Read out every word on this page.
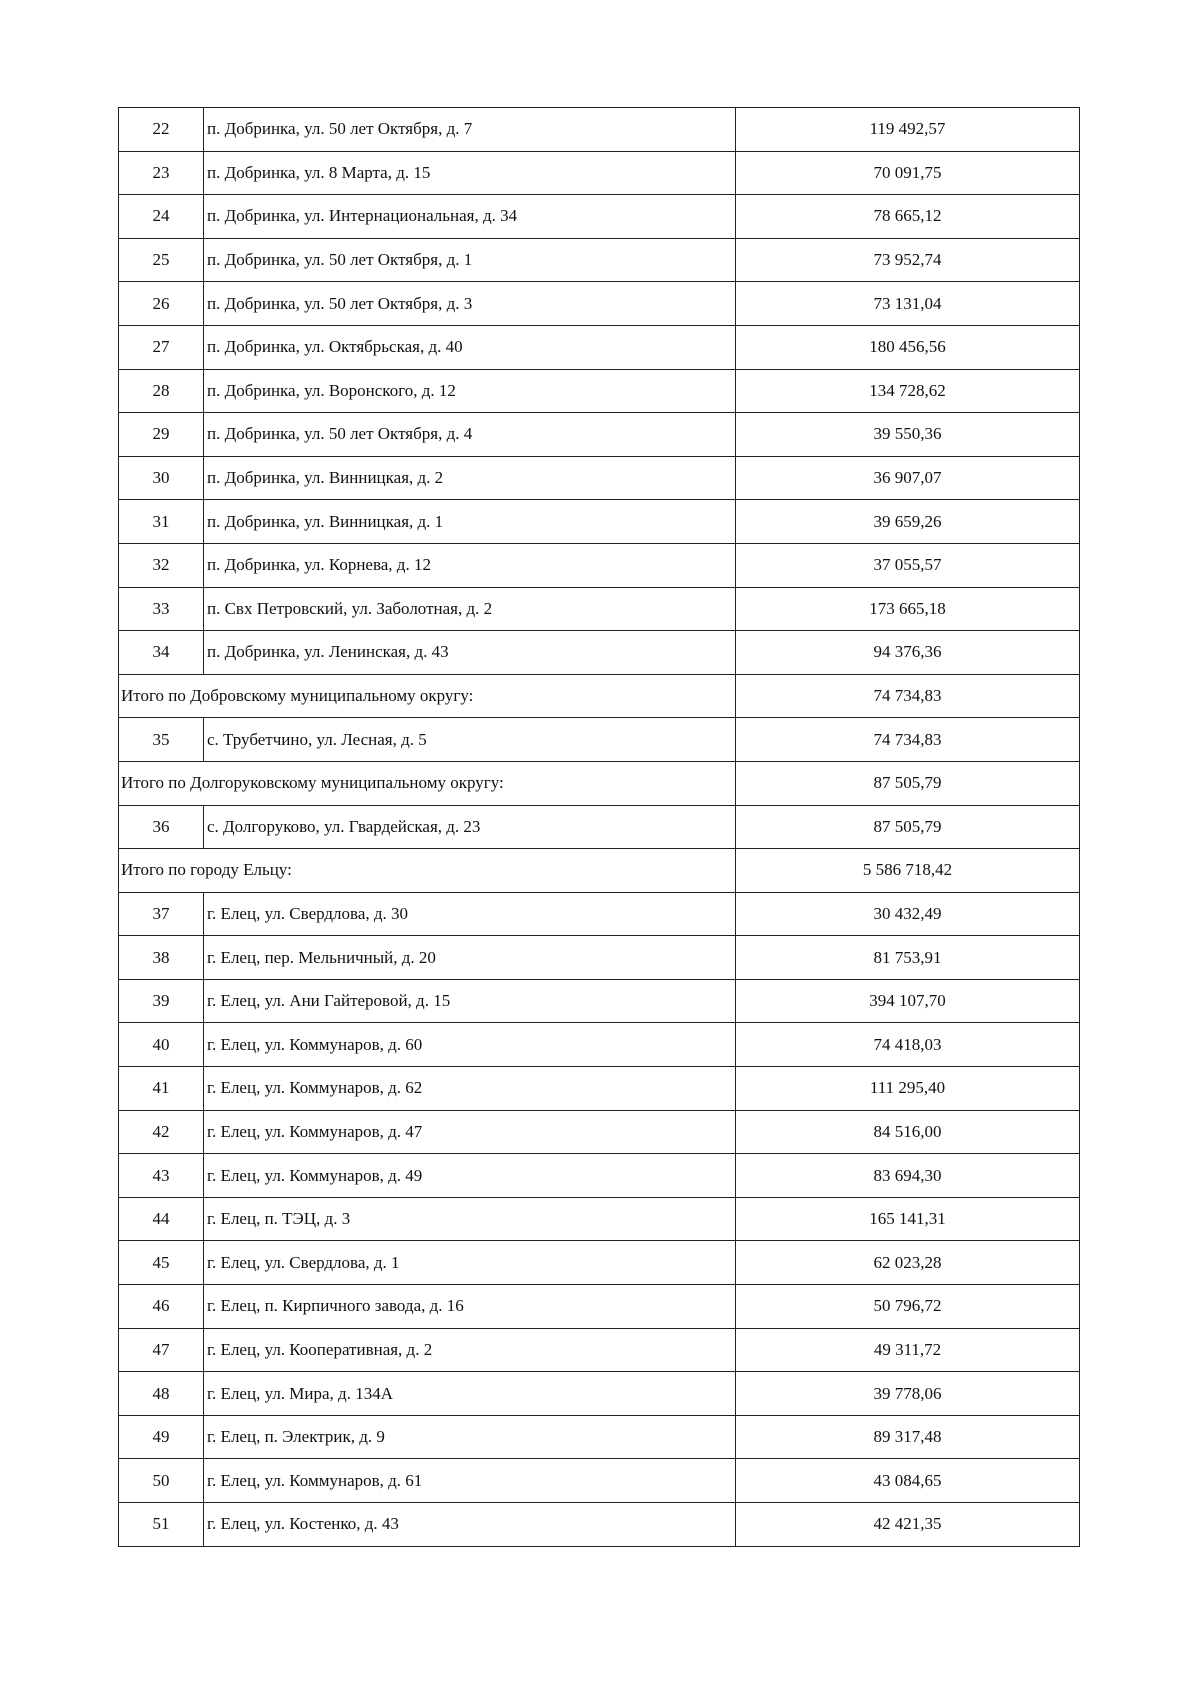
22	п. Добринка, ул. 50 лет Октября, д. 7	119 492,57
23	п. Добринка, ул. 8 Марта, д. 15	70 091,75
24	п. Добринка, ул. Интернациональная, д. 34	78 665,12
25	п. Добринка, ул. 50 лет Октября, д. 1	73 952,74
26	п. Добринка, ул. 50 лет Октября, д. 3	73 131,04
27	п. Добринка, ул. Октябрьская, д. 40	180 456,56
28	п. Добринка, ул. Воронского, д. 12	134 728,62
29	п. Добринка, ул. 50 лет Октября, д. 4	39 550,36
30	п. Добринка, ул. Винницкая, д. 2	36 907,07
31	п. Добринка, ул. Винницкая, д. 1	39 659,26
32	п. Добринка, ул. Корнева, д. 12	37 055,57
33	п. Свх Петровский, ул. Заболотная, д. 2	173 665,18
34	п. Добринка, ул. Ленинская, д. 43	94 376,36
Итого по Добровскому муниципальному округу:		74 734,83
35	с. Трубетчино, ул. Лесная, д. 5	74 734,83
Итого по Долгоруковскому муниципальному округу:		87 505,79
36	с. Долгоруково, ул. Гвардейская, д. 23	87 505,79
Итого по городу Ельцу:		5 586 718,42
37	г. Елец, ул. Свердлова, д. 30	30 432,49
38	г. Елец, пер. Мельничный, д. 20	81 753,91
39	г. Елец, ул. Ани Гайтеровой, д. 15	394 107,70
40	г. Елец, ул. Коммунаров, д. 60	74 418,03
41	г. Елец, ул. Коммунаров, д. 62	111 295,40
42	г. Елец, ул. Коммунаров, д. 47	84 516,00
43	г. Елец, ул. Коммунаров, д. 49	83 694,30
44	г. Елец, п. ТЭЦ, д. 3	165 141,31
45	г. Елец, ул. Свердлова, д. 1	62 023,28
46	г. Елец, п. Кирпичного завода, д. 16	50 796,72
47	г. Елец, ул. Кооперативная, д. 2	49 311,72
48	г. Елец, ул. Мира, д. 134А	39 778,06
49	г. Елец, п. Электрик, д. 9	89 317,48
50	г. Елец, ул. Коммунаров, д. 61	43 084,65
51	г. Елец, ул. Костенко, д. 43	42 421,35
